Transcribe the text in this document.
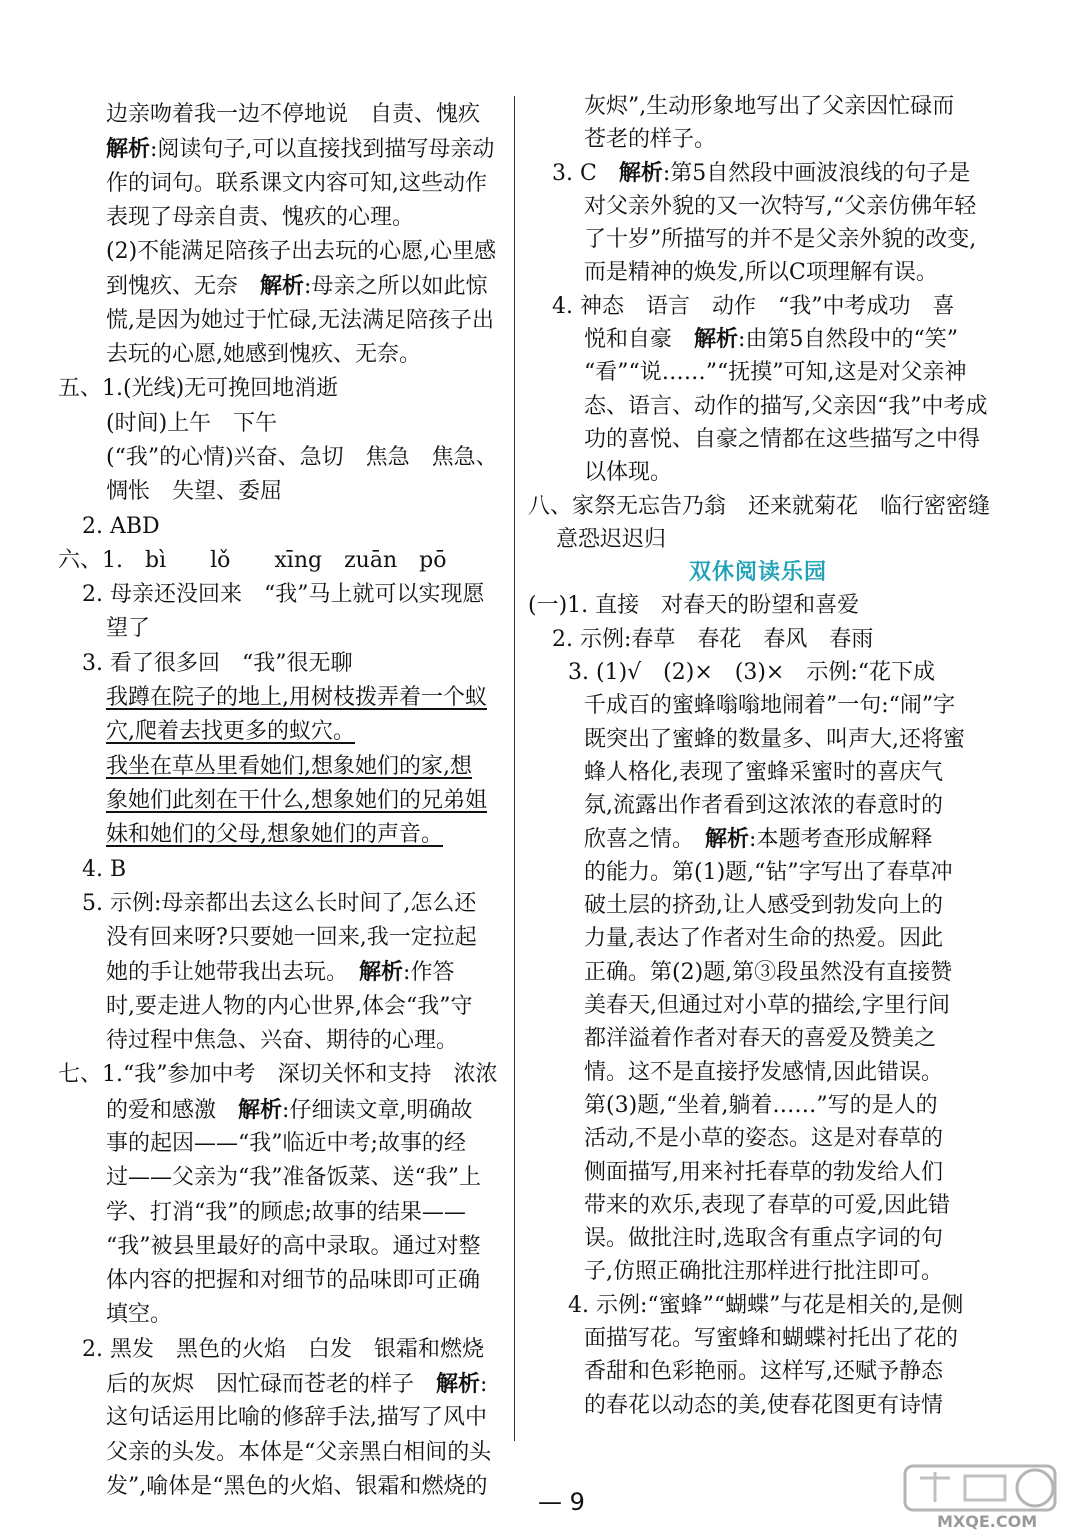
边亲吻着我一边不停地说　自责、愧疚
解析:阅读句子,可以直接找到描写母亲动
作的词句。联系课文内容可知,这些动作
表现了母亲自责、愧疚的心理。
(2)不能满足陪孩子出去玩的心愿,心里感
到愧疚、无奈　解析:母亲之所以如此惊
慌,是因为她过于忙碌,无法满足陪孩子出
去玩的心愿,她感到愧疚、无奈。
五、1.(光线)无可挽回地消逝
(时间)上午　下午
(“我”的心情)兴奋、急切　焦急　焦急、
惆怅　失望、委屈
2. ABD
六、1.　bì　　lǒ　　xīng　zuān　pō
2. 母亲还没回来　“我”马上就可以实现愿
望了
3. 看了很多回　“我”很无聊
我蹲在院子的地上,用树枝拨弄着一个蚁
穴,爬着去找更多的蚁穴。
我坐在草丛里看她们,想象她们的家,想
象她们此刻在干什么,想象她们的兄弟姐
妹和她们的父母,想象她们的声音。
4. B
5. 示例:母亲都出去这么长时间了,怎么还
没有回来呀?只要她一回来,我一定拉起
她的手让她带我出去玩。　解析:作答
时,要走进人物的内心世界,体会“我”守
待过程中焦急、兴奋、期待的心理。
七、1.“我”参加中考　深切关怀和支持　浓浓
的爱和感激　解析:仔细读文章,明确故
事的起因——“我”临近中考;故事的经
过——父亲为“我”准备饭菜、送“我”上
学、打消“我”的顾虑;故事的结果——
“我”被县里最好的高中录取。通过对整
体内容的把握和对细节的品味即可正确
填空。
2. 黑发　黑色的火焰　白发　银霜和燃烧
后的灰烬　因忙碌而苍老的样子　解析:
这句话运用比喻的修辞手法,描写了风中
父亲的头发。本体是“父亲黑白相间的头
发”,喻体是“黑色的火焰、银霜和燃烧的
灰烬”,生动形象地写出了父亲因忙碌而
苍老的样子。
3. C　解析:第5自然段中画波浪线的句子是
对父亲外貌的又一次特写,“父亲仿佛年轻
了十岁”所描写的并不是父亲外貌的改变,
而是精神的焕发,所以C项理解有误。
4. 神态　语言　动作　“我”中考成功　喜
悦和自豪　解析:由第5自然段中的“笑”
“看”“说……”“抚摸”可知,这是对父亲神
态、语言、动作的描写,父亲因“我”中考成
功的喜悦、自豪之情都在这些描写之中得
以体现。
八、家祭无忘告乃翁　还来就菊花　临行密密缝
意恐迟迟归
双休阅读乐园
(一)1. 直接　对春天的盼望和喜爱
2. 示例:春草　春花　春风　春雨
3. (1)√　(2)×　(3)×　示例:“花下成
千成百的蜜蜂嗡嗡地闹着”一句:“闹”字
既突出了蜜蜂的数量多、叫声大,还将蜜
蜂人格化,表现了蜜蜂采蜜时的喜庆气
氛,流露出作者看到这浓浓的春意时的
欣喜之情。　解析:本题考查形成解释
的能力。第(1)题,“钻”字写出了春草冲
破土层的挤劲,让人感受到勃发向上的
力量,表达了作者对生命的热爱。因此
正确。第(2)题,第③段虽然没有直接赞
美春天,但通过对小草的描绘,字里行间
都洋溢着作者对春天的喜爱及赞美之
情。这不是直接抒发感情,因此错误。
第(3)题,“坐着,躺着……”写的是人的
活动,不是小草的姿态。这是对春草的
侧面描写,用来衬托春草的勃发给人们
带来的欢乐,表现了春草的可爱,因此错
误。做批注时,选取含有重点字词的句
子,仿照正确批注那样进行批注即可。
4. 示例:“蜜蜂”“蝴蝶”与花是相关的,是侧
面描写花。写蜜蜂和蝴蝶衬托出了花的
香甜和色彩艳丽。这样写,还赋予静态
的春花以动态的美,使春花图更有诗情
— 9
MXQE.COM
